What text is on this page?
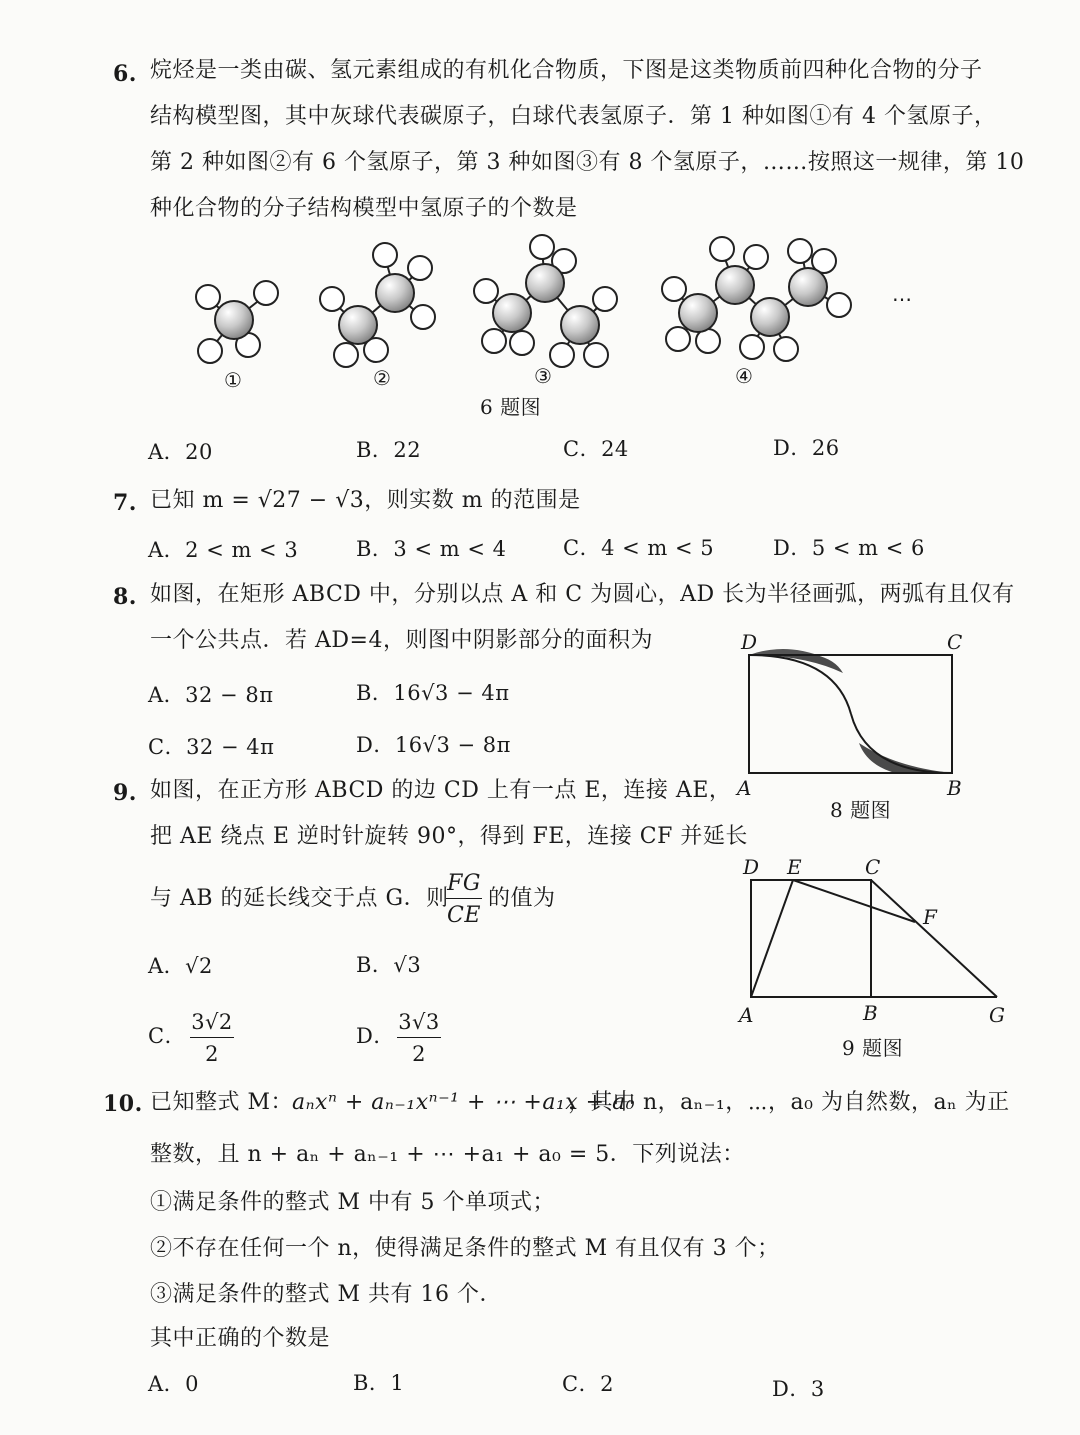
6. 烷烃是一类由碳、氢元素组成的有机化合物质，下图是这类物质前四种化合物的分子
结构模型图，其中灰球代表碳原子，白球代表氢原子．第 1 种如图①有 4 个氢原子，
第 2 种如图②有 6 个氢原子，第 3 种如图③有 8 个氢原子，……按照这一规律，第 10
种化合物的分子结构模型中氢原子的个数是
…
①	②	③	④
6 题图
A．20	B．22	C．24	D．26
7. 已知 m = √27 − √3，则实数 m 的范围是
A．2 < m < 3	B．3 < m < 4	C．4 < m < 5	D．5 < m < 6
8. 如图，在矩形 ABCD 中，分别以点 A 和 C 为圆心，AD 长为半径画弧，两弧有且仅有
一个公共点．若 AD=4，则图中阴影部分的面积为
A．32 − 8π	B．16√3 − 4π
C．32 − 4π	D．16√3 − 8π
D	C
A	B
8 题图
9. 如图，在正方形 ABCD 的边 CD 上有一点 E，连接 AE，
把 AE 绕点 E 逆时针旋转 90°，得到 FE，连接 CF 并延长
与 AB 的延长线交于点 G．则
FG
CE
的值为
A．√2	B．√3
C．
3√2
2
D．
3√3
2
D E	C
F
A	B	G
9 题图
10. 已知整式 M：
aₙxⁿ + aₙ₋₁xⁿ⁻¹ + ⋯ +a₁x + a₀
，其中 n，aₙ₋₁，⋯，a₀ 为自然数，aₙ 为正
整数，且 n + aₙ + aₙ₋₁ + ⋯ +a₁ + a₀ = 5．下列说法：
①满足条件的整式 M 中有 5 个单项式；
②不存在任何一个 n，使得满足条件的整式 M 有且仅有 3 个；
③满足条件的整式 M 共有 16 个．
其中正确的个数是
A．0	B．1	C．2	D．3
